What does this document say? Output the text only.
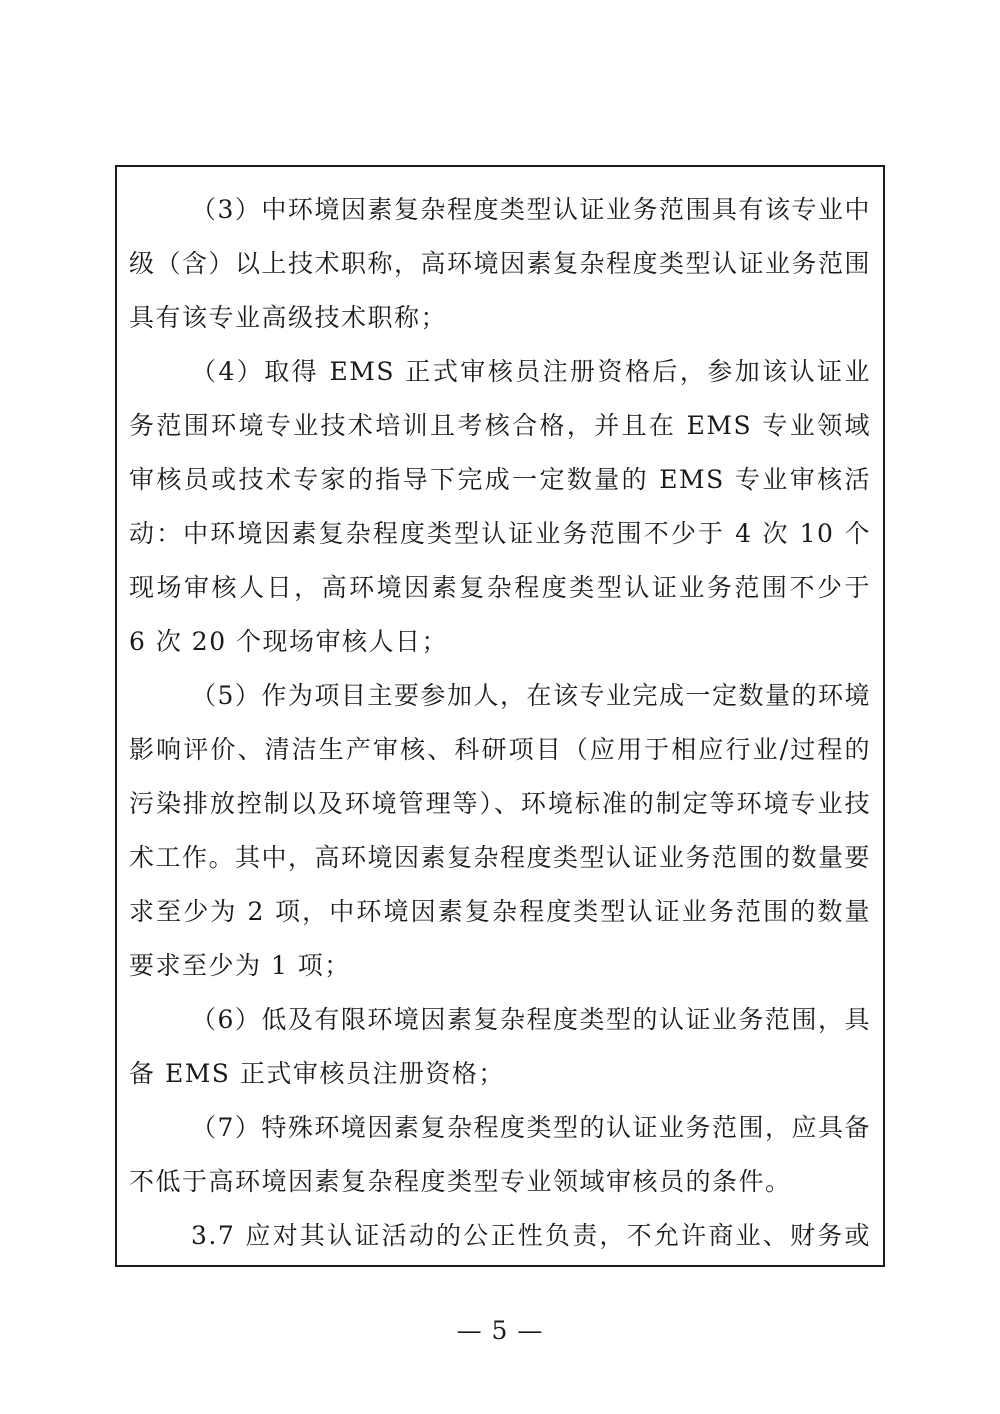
（3）中环境因素复杂程度类型认证业务范围具有该专业中级（含）以上技术职称，高环境因素复杂程度类型认证业务范围具有该专业高级技术职称；

（4）取得 EMS 正式审核员注册资格后，参加该认证业务范围环境专业技术培训且考核合格，并且在 EMS 专业领域审核员或技术专家的指导下完成一定数量的 EMS 专业审核活动：中环境因素复杂程度类型认证业务范围不少于 4 次 10 个现场审核人日，高环境因素复杂程度类型认证业务范围不少于 6 次 20 个现场审核人日；

（5）作为项目主要参加人，在该专业完成一定数量的环境影响评价、清洁生产审核、科研项目（应用于相应行业/过程的污染排放控制以及环境管理等）、环境标准的制定等环境专业技术工作。其中，高环境因素复杂程度类型认证业务范围的数量要求至少为 2 项，中环境因素复杂程度类型认证业务范围的数量要求至少为 1 项；

（6）低及有限环境因素复杂程度类型的认证业务范围，具备 EMS 正式审核员注册资格；

（7）特殊环境因素复杂程度类型的认证业务范围，应具备不低于高环境因素复杂程度类型专业领域审核员的条件。

3.7 应对其认证活动的公正性负责，不允许商业、财务或

— 5 —
